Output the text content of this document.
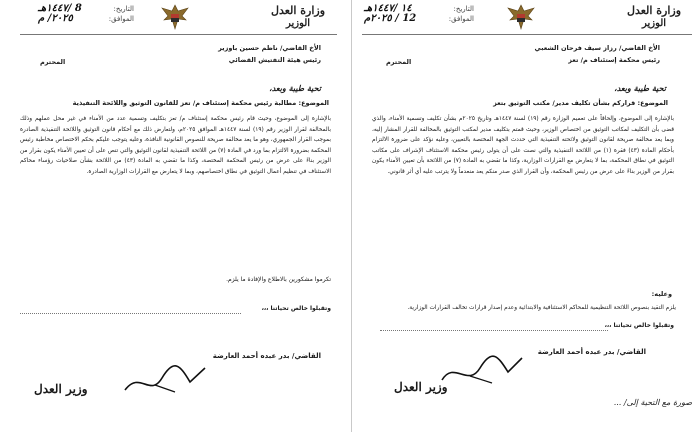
وزارة العدل
الوزير
التاريخ:
8 /١٤٤٧هـ
الموافق:
٢٠٢٥/ م
الأخ القاضي/ ناظم حسين باوزير
رئيس هيئة التفتيش القضائي
المحترم
تحية طيبة وبعد،
الموضوع: مطالبة رئيس محكمة إستئناف م/ تعز للقانون التوثيق واللائحة التنفيذية
بالإشارة إلى الموضوع، وحيث قام رئيس محكمة إستئناف م/ تعز بتكليف وتسمية عدد من الأمناء في غير محل عملهم وذلك بالمخالفة لقرار الوزير رقم (١٩) لسنة ١٤٤٧هـ الموافق ٢٠٢٥م، ولتعارض ذلك مع أحكام قانون التوثيق واللائحة التنفيذية الصادرة بموجب القرار الجمهوري، وهو ما يعد مخالفة صريحة للنصوص القانونية النافذة، وعليه يتوجب عليكم بحكم الاختصاص مخاطبة رئيس المحكمة بضرورة الالتزام بما ورد في المادة (٧) من اللائحة التنفيذية لقانون التوثيق والتي تنص على أن تعيين الأمناء يكون بقرار من الوزير بناءً على عرض من رئيس المحكمة المختصة، وكذا ما تقضي به المادة (٤٣) من اللائحة بشأن صلاحيات رؤساء محاكم الاستئناف في تنظيم أعمال التوثيق في نطاق اختصاصهم، وبما لا يتعارض مع القرارات الوزارية الصادرة.
تكرموا مشكورين بالاطلاع والإفادة ما يلزم.
وتقبلوا خالص تحياتنا ،،،
القاضي/ بدر عبده أحمد العارضة
وزير العدل
وزارة العدل
الوزير
التاريخ:
١٤ /١٤٤٧هـ
الموافق:
12 / ٢٠٢٥م
الأخ القاضي/ رزاز سيف فرحان الشعبي
رئيس محكمة إستئناف م/ تعز
المحترم
تحية طيبة وبعد،
الموضوع: قراركم بشأن تكليف مدير/ مكتب التوثيق بتعز
بالإشارة إلى الموضوع، وإلحاقاً على تعميم الوزارة رقم (١٩) لسنة ١٤٤٧هـ وتاريخ ٢٠٢٥م بشأن تكليف وتسمية الأمناء، والذي قضى بأن التكليف لمكاتب التوثيق من اختصاص الوزير، وحيث قمتم بتكليف مدير لمكتب التوثيق بالمخالفة للقرار المشار إليه، وبما يعد مخالفة صريحة لقانون التوثيق ولائحته التنفيذية التي حددت الجهة المختصة بالتعيين، وعليه نؤكد على ضرورة الالتزام بأحكام المادة (٤٣) فقرة (١) من اللائحة التنفيذية والتي نصت على أن يتولى رئيس محكمة الاستئناف الإشراف على مكاتب التوثيق في نطاق المحكمة، بما لا يتعارض مع القرارات الوزارية، وكذا ما تقضي به المادة (٧) من اللائحة بأن تعيين الأمناء يكون بقرار من الوزير بناءً على عرض من رئيس المحكمة، وأن القرار الذي صدر منكم يعد منعدماً ولا يترتب عليه أي أثر قانوني.
وعليه:
يلزم التقيد بنصوص اللائحة التنظيمية للمحاكم الاستئنافية والابتدائية وعدم إصدار قرارات تخالف القرارات الوزارية.
وتقبلوا خالص تحياتنا ،،،
القاضي/ بدر عبده أحمد العارضة
وزير العدل
صورة مع التحية إلى/ ...
